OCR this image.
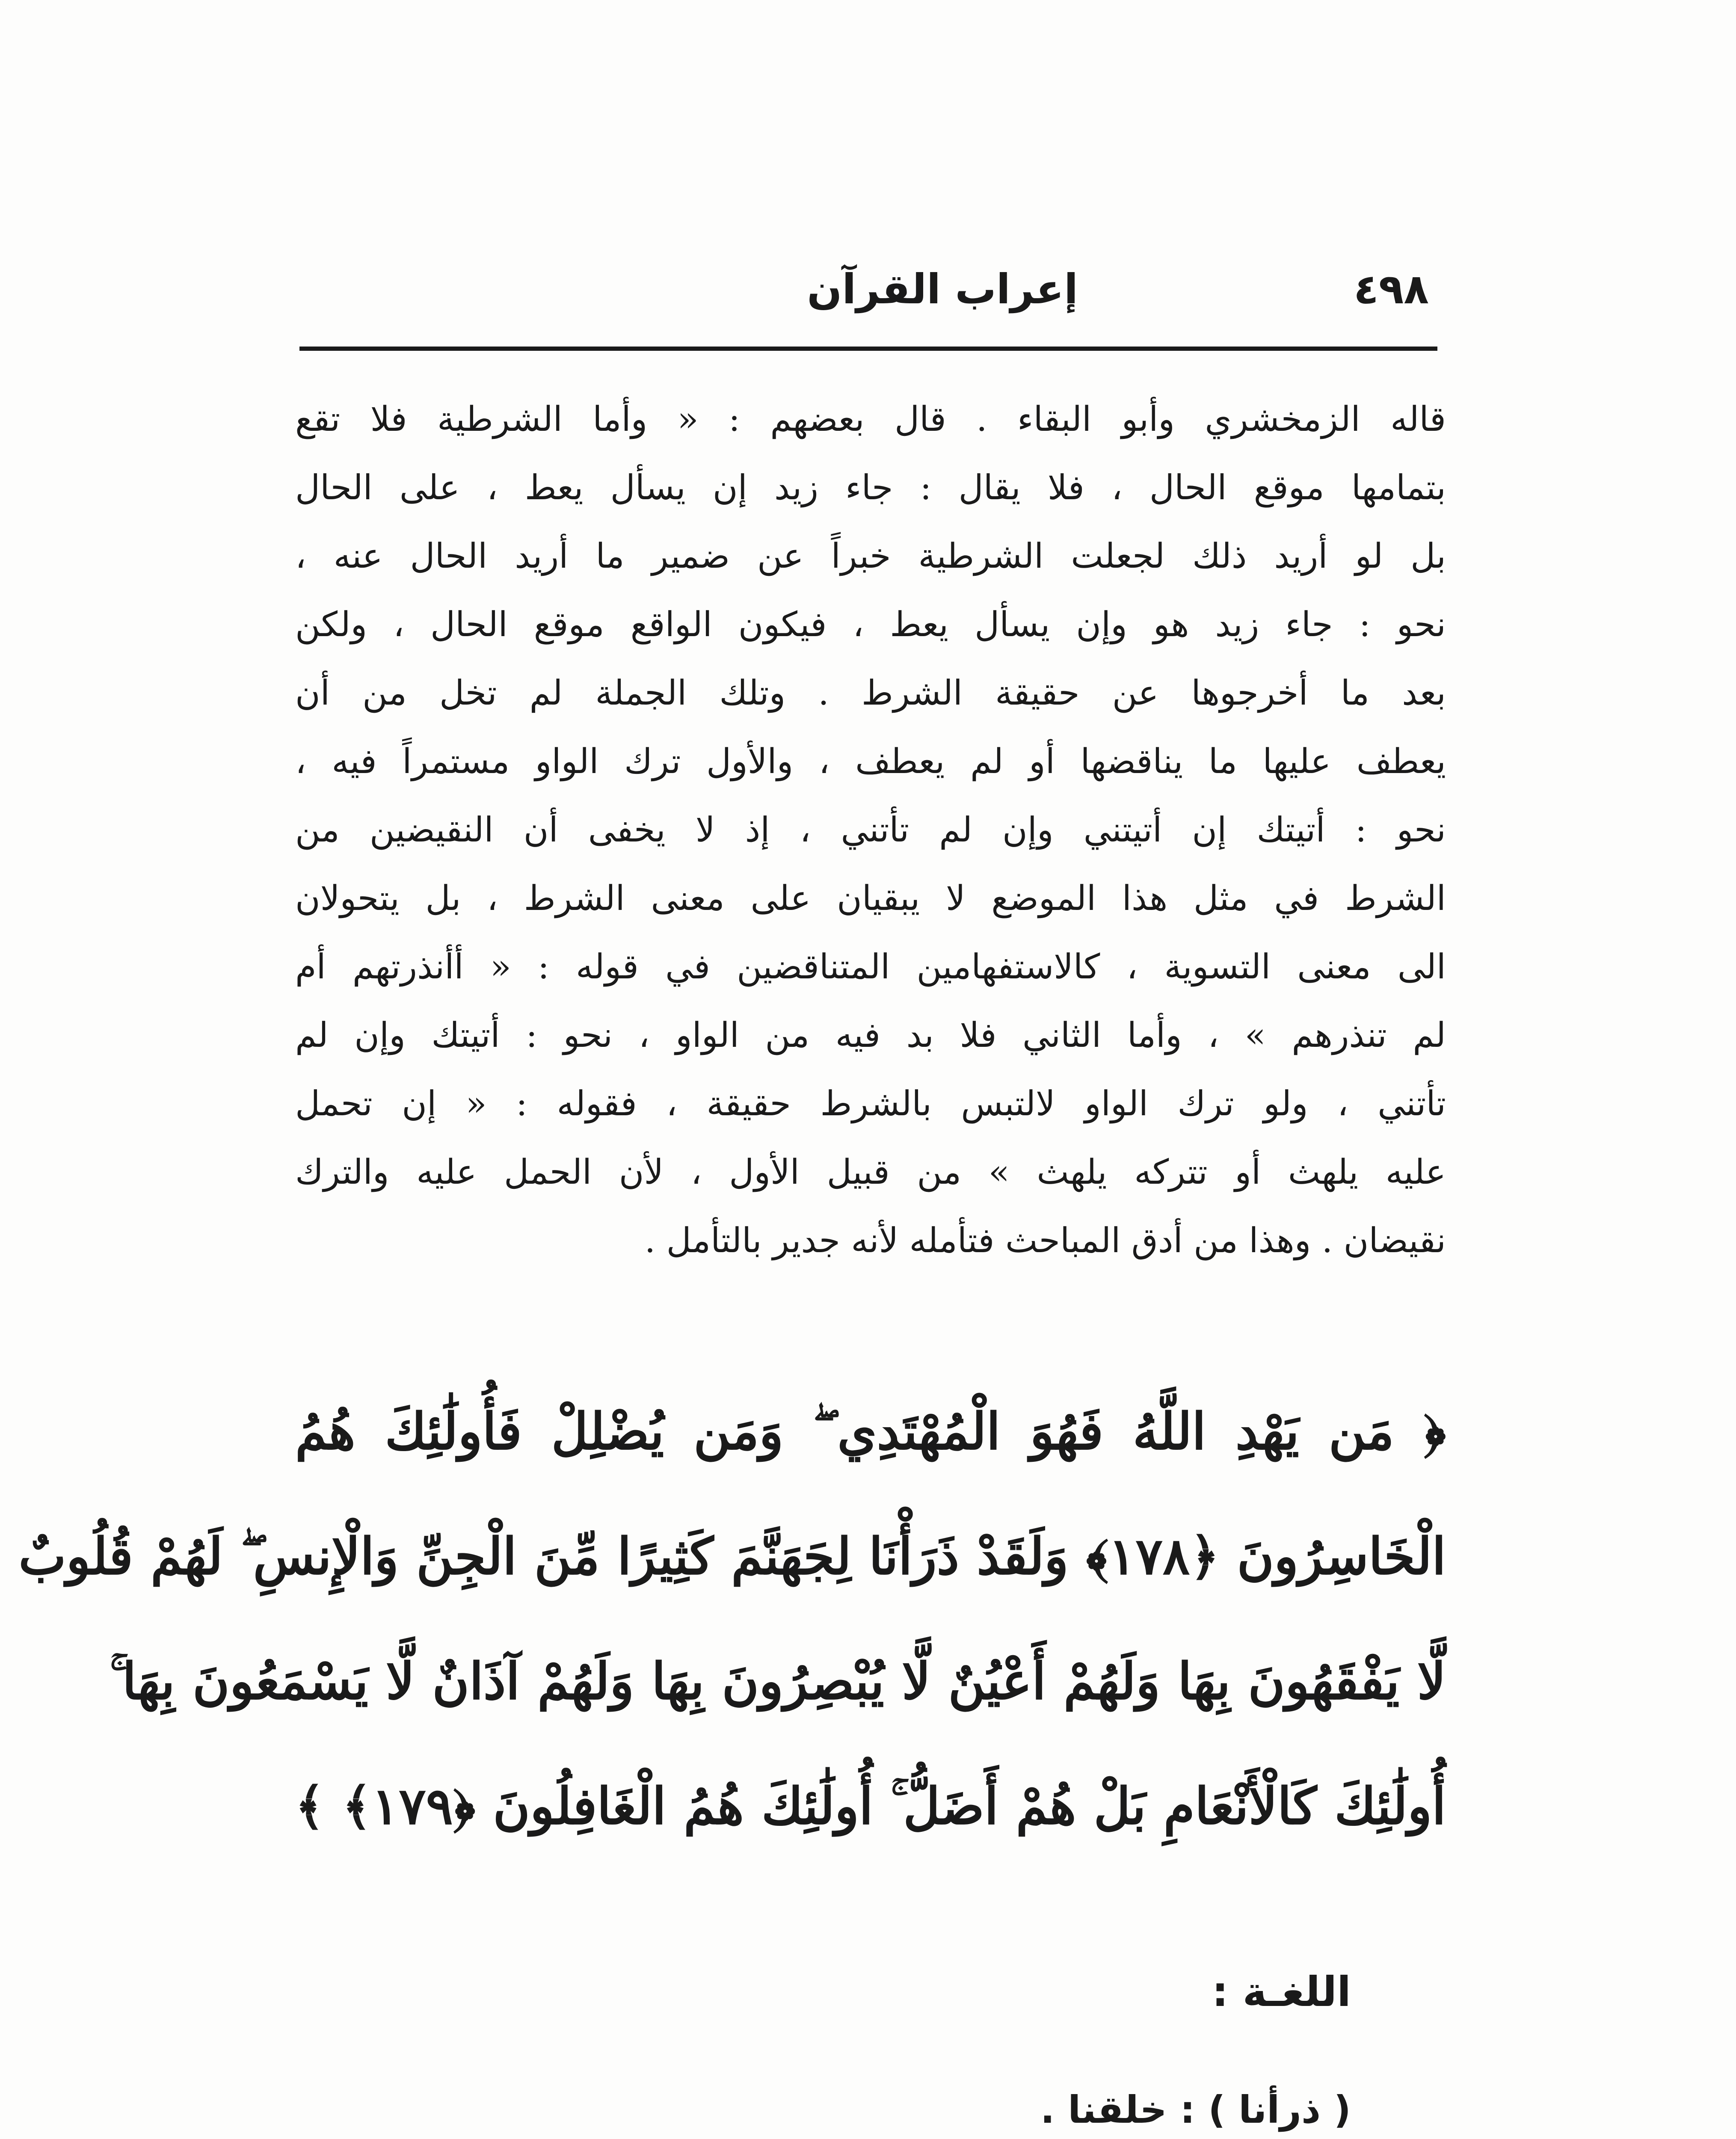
٤٩٨
إعراب القرآن
قاله الزمخشري وأبو البقاء . قال بعضهم : « وأما الشرطية فلا تقع
بتمامها موقع الحال ، فلا يقال : جاء زيد إن يسأل يعط ، على الحال
بل لو أريد ذلك لجعلت الشرطية خبراً عن ضمير ما أريد الحال عنه ،
نحو : جاء زيد هو وإن يسأل يعط ، فيكون الواقع موقع الحال ، ولكن
بعد ما أخرجوها عن حقيقة الشرط . وتلك الجملة لم تخل من أن
يعطف عليها ما يناقضها أو لم يعطف ، والأول ترك الواو مستمراً فيه ،
نحو : أتيتك إن أتيتني وإن لم تأتني ، إذ لا يخفى أن النقيضين من
الشرط في مثل هذا الموضع لا يبقيان على معنى الشرط ، بل يتحولان
الى معنى التسوية ، كالاستفهامين المتناقضين في قوله : « أأنذرتهم أم
لم تنذرهم » ، وأما الثاني فلا بد فيه من الواو ، نحو : أتيتك وإن لم
تأتني ، ولو ترك الواو لالتبس بالشرط حقيقة ، فقوله : « إن تحمل
عليه يلهث أو تتركه يلهث » من قبيل الأول ، لأن الحمل عليه والترك
نقيضان . وهذا من أدق المباحث فتأمله لأنه جدير بالتأمل .
﴿ مَن يَهْدِ اللَّهُ فَهُوَ الْمُهْتَدِي ۖ وَمَن يُضْلِلْ فَأُولَٰئِكَ هُمُ
الْخَاسِرُونَ ﴿١٧٨﴾ وَلَقَدْ ذَرَأْنَا لِجَهَنَّمَ كَثِيرًا مِّنَ الْجِنِّ وَالْإِنسِ ۖ لَهُمْ قُلُوبٌ
لَّا يَفْقَهُونَ بِهَا وَلَهُمْ أَعْيُنٌ لَّا يُبْصِرُونَ بِهَا وَلَهُمْ آذَانٌ لَّا يَسْمَعُونَ بِهَا ۚ
أُولَٰئِكَ كَالْأَنْعَامِ بَلْ هُمْ أَضَلُّ ۚ أُولَٰئِكَ هُمُ الْغَافِلُونَ ﴿١٧٩﴾ ﴾
اللغـة :
( ذرأنا ) : خلقنا .
